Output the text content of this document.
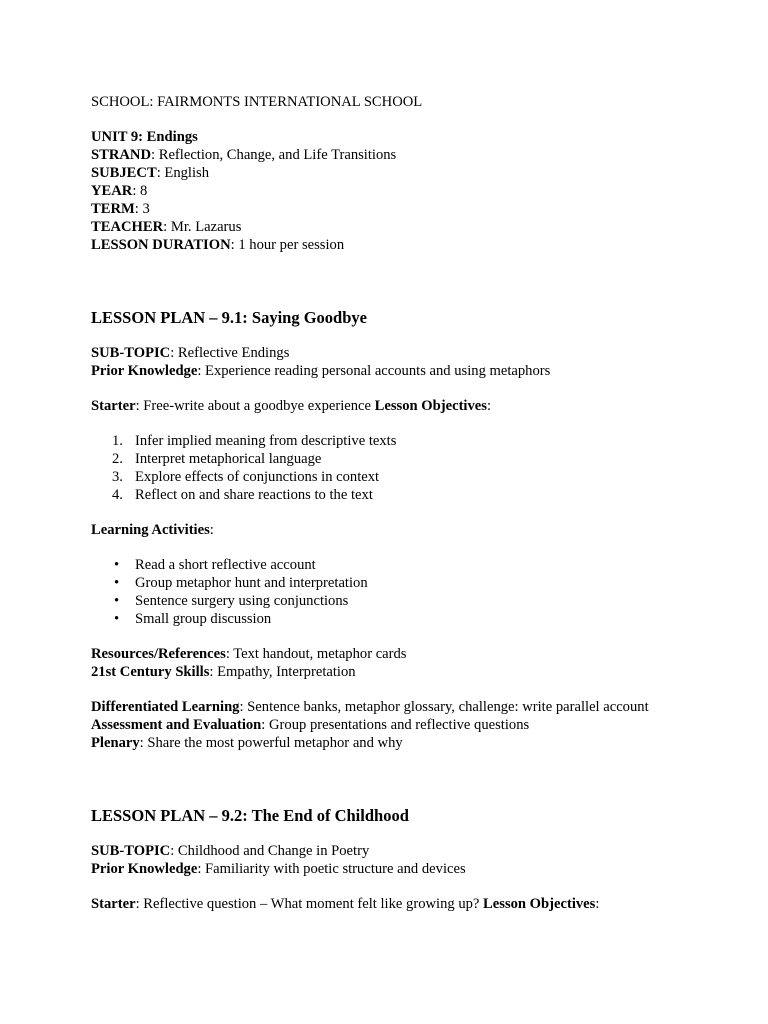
SCHOOL: FAIRMONTS INTERNATIONAL SCHOOL

UNIT 9: Endings

STRAND: Reflection, Change, and Life Transitions

SUBJECT: English

YEAR: 8

TERM: 3

TEACHER: Mr. Lazarus

LESSON DURATION: 1 hour per session

LESSON PLAN – 9.1: Saying Goodbye

SUB-TOPIC: Reflective Endings

Prior Knowledge: Experience reading personal accounts and using metaphors

Starter: Free-write about a goodbye experience Lesson Objectives:

1. Infer implied meaning from descriptive texts
2. Interpret metaphorical language
3. Explore effects of conjunctions in context
4. Reflect on and share reactions to the text

Learning Activities:

• Read a short reflective account
• Group metaphor hunt and interpretation
• Sentence surgery using conjunctions
• Small group discussion

Resources/References: Text handout, metaphor cards

21st Century Skills: Empathy, Interpretation

Differentiated Learning: Sentence banks, metaphor glossary, challenge: write parallel account

Assessment and Evaluation: Group presentations and reflective questions

Plenary: Share the most powerful metaphor and why

LESSON PLAN – 9.2: The End of Childhood

SUB-TOPIC: Childhood and Change in Poetry

Prior Knowledge: Familiarity with poetic structure and devices

Starter: Reflective question – What moment felt like growing up? Lesson Objectives:
